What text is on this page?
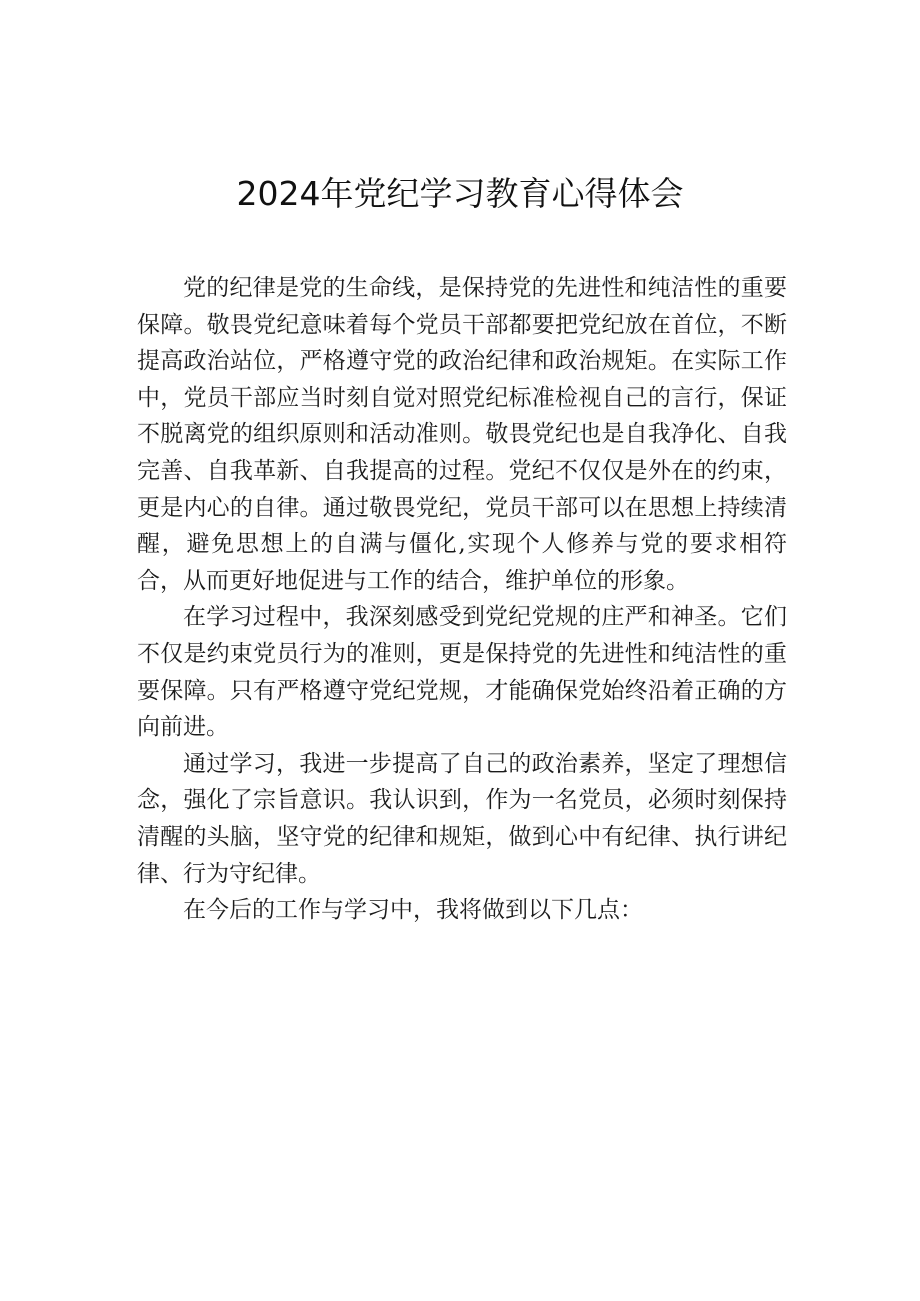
2024年党纪学习教育心得体会

党的纪律是党的生命线，是保持党的先进性和纯洁性的重要保障。敬畏党纪意味着每个党员干部都要把党纪放在首位，不断提高政治站位，严格遵守党的政治纪律和政治规矩。在实际工作中，党员干部应当时刻自觉对照党纪标准检视自己的言行，保证不脱离党的组织原则和活动准则。敬畏党纪也是自我净化、自我完善、自我革新、自我提高的过程。党纪不仅仅是外在的约束，更是内心的自律。通过敬畏党纪，党员干部可以在思想上持续清醒，避免思想上的自满与僵化,实现个人修养与党的要求相符合，从而更好地促进与工作的结合，维护单位的形象。

在学习过程中，我深刻感受到党纪党规的庄严和神圣。它们不仅是约束党员行为的准则，更是保持党的先进性和纯洁性的重要保障。只有严格遵守党纪党规，才能确保党始终沿着正确的方向前进。

通过学习，我进一步提高了自己的政治素养，坚定了理想信念，强化了宗旨意识。我认识到，作为一名党员，必须时刻保持清醒的头脑，坚守党的纪律和规矩，做到心中有纪律、执行讲纪律、行为守纪律。

在今后的工作与学习中，我将做到以下几点：
